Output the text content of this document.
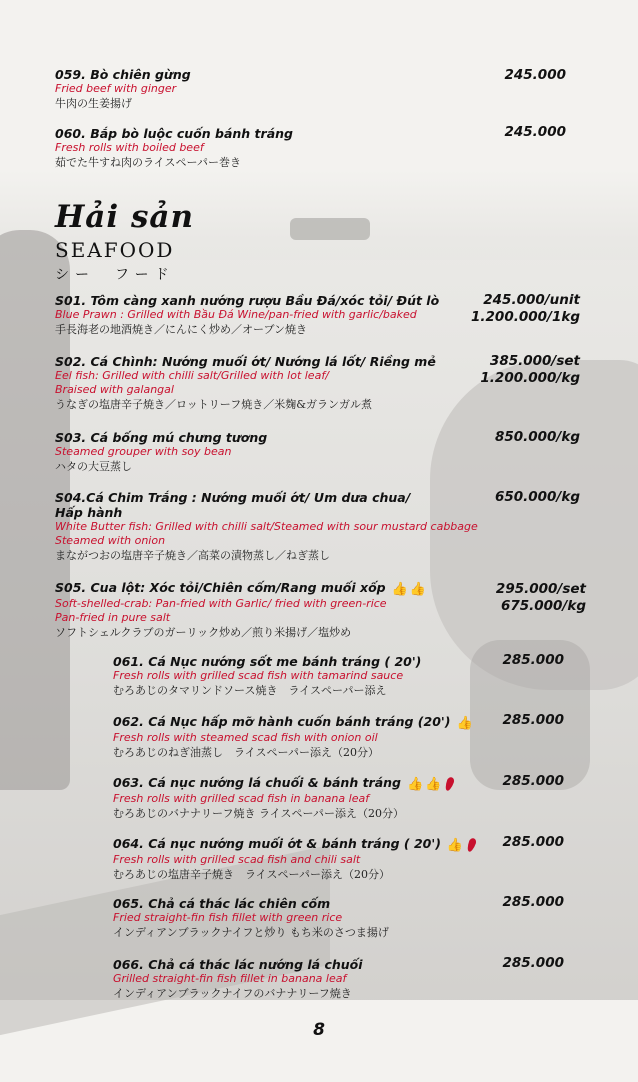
059. Bò chiên gừng
Fried beef with ginger
牛肉の生姜揚げ
245.000
060. Bắp bò luộc cuốn bánh tráng
Fresh rolls with boiled beef
茹でた牛すね肉のライスペーパー巻き
245.000
Hải sản
SEAFOOD
シー　フード
S01. Tôm càng xanh nướng rượu Bầu Đá/xóc tỏi/ Đút lò
Blue Prawn : Grilled with Bầu Đá Wine/pan-fried with garlic/baked
手長海老の地酒焼き／にんにく炒め／オーブン焼き
245.000/unit
1.200.000/1kg
S02. Cá Chình: Nướng muối ớt/ Nướng lá lốt/ Riềng mẻ
Eel fish: Grilled with chilli salt/Grilled with lot leaf/
Braised with galangal
うなぎの塩唐辛子焼き／ロットリーフ焼き／米麹&ガランガル煮
385.000/set
1.200.000/kg
S03. Cá bống mú chưng tương
Steamed grouper with soy bean
ハタの大豆蒸し
850.000/kg
S04.Cá Chim Trắng : Nướng muối ớt/ Um dưa chua/
Hấp hành
White Butter fish: Grilled with chilli salt/Steamed with sour mustard cabbage
Steamed with onion
まながつおの塩唐辛子焼き／高菜の漬物蒸し／ねぎ蒸し
650.000/kg
S05. Cua lột: Xóc tỏi/Chiên cốm/Rang muối xốp 👍 👍
Soft-shelled-crab: Pan-fried with Garlic/ fried with green-rice
Pan-fried in pure salt
ソフトシェルクラブのガーリック炒め／煎り米揚げ／塩炒め
295.000/set
675.000/kg
061. Cá Nục nướng sốt me bánh tráng ( 20')
Fresh rolls with grilled scad fish with tamarind sauce
むろあじのタマリンドソース焼き　ライスペーパー添え
285.000
062. Cá Nục hấp mỡ hành cuốn bánh tráng (20') 👍
Fresh rolls with steamed scad fish with onion oil
むろあじのねぎ油蒸し　ライスペーパー添え（20分）
285.000
063. Cá nục nướng lá chuối & bánh tráng 👍 👍
Fresh rolls with grilled scad fish in banana leaf
むろあじのバナナリーフ焼き ライスペーパー添え（20分）
285.000
064. Cá nục nướng muối ớt & bánh tráng ( 20') 👍
Fresh rolls with grilled scad fish and chili salt
むろあじの塩唐辛子焼き　ライスペーパー添え（20分）
285.000
065. Chả cá thác lác chiên cốm
Fried straight-fin fish fillet with green rice
インディアンブラックナイフと炒り もち米のさつま揚げ
285.000
066. Chả cá thác lác nướng lá chuối
Grilled straight-fin fish fillet in banana leaf
インディアンブラックナイフのバナナリーフ焼き
285.000
8
